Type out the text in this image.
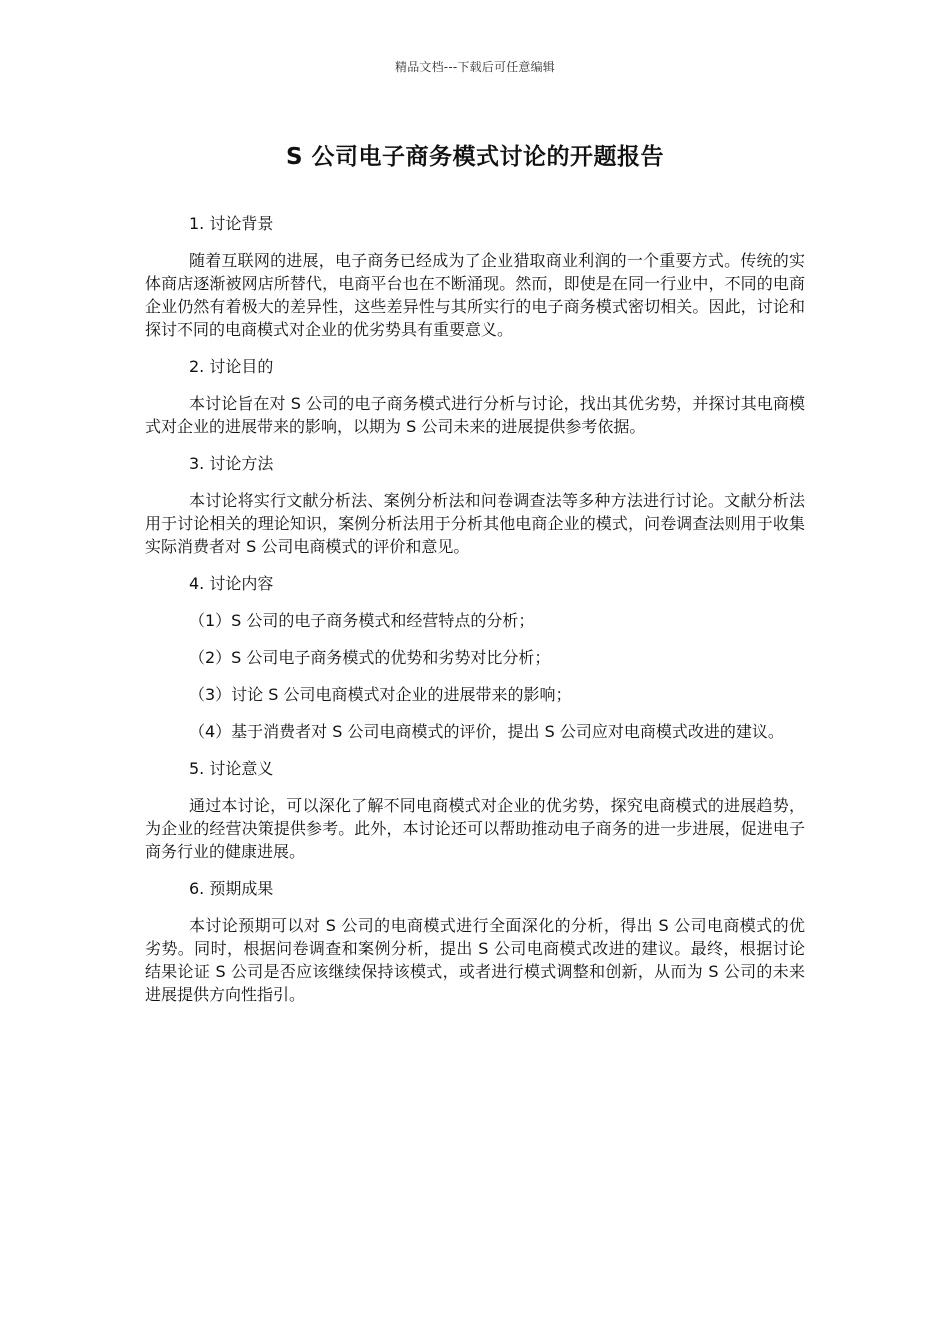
精品文档---下载后可任意编辑
S 公司电子商务模式讨论的开题报告

1. 讨论背景

随着互联网的进展，电子商务已经成为了企业猎取商业利润的一个重要方式。传统的实体商店逐渐被网店所替代，电商平台也在不断涌现。然而，即使是在同一行业中，不同的电商企业仍然有着极大的差异性，这些差异性与其所实行的电子商务模式密切相关。因此，讨论和探讨不同的电商模式对企业的优劣势具有重要意义。

2. 讨论目的

本讨论旨在对 S 公司的电子商务模式进行分析与讨论，找出其优劣势，并探讨其电商模式对企业的进展带来的影响，以期为 S 公司未来的进展提供参考依据。

3. 讨论方法

本讨论将实行文献分析法、案例分析法和问卷调查法等多种方法进行讨论。文献分析法用于讨论相关的理论知识，案例分析法用于分析其他电商企业的模式，问卷调查法则用于收集实际消费者对 S 公司电商模式的评价和意见。

4. 讨论内容

（1）S 公司的电子商务模式和经营特点的分析；

（2）S 公司电子商务模式的优势和劣势对比分析；

（3）讨论 S 公司电商模式对企业的进展带来的影响；

（4）基于消费者对 S 公司电商模式的评价，提出 S 公司应对电商模式改进的建议。

5. 讨论意义

通过本讨论，可以深化了解不同电商模式对企业的优劣势，探究电商模式的进展趋势，为企业的经营决策提供参考。此外，本讨论还可以帮助推动电子商务的进一步进展，促进电子商务行业的健康进展。

6. 预期成果

本讨论预期可以对 S 公司的电商模式进行全面深化的分析，得出 S 公司电商模式的优劣势。同时，根据问卷调查和案例分析，提出 S 公司电商模式改进的建议。最终，根据讨论结果论证 S 公司是否应该继续保持该模式，或者进行模式调整和创新，从而为 S 公司的未来进展提供方向性指引。
